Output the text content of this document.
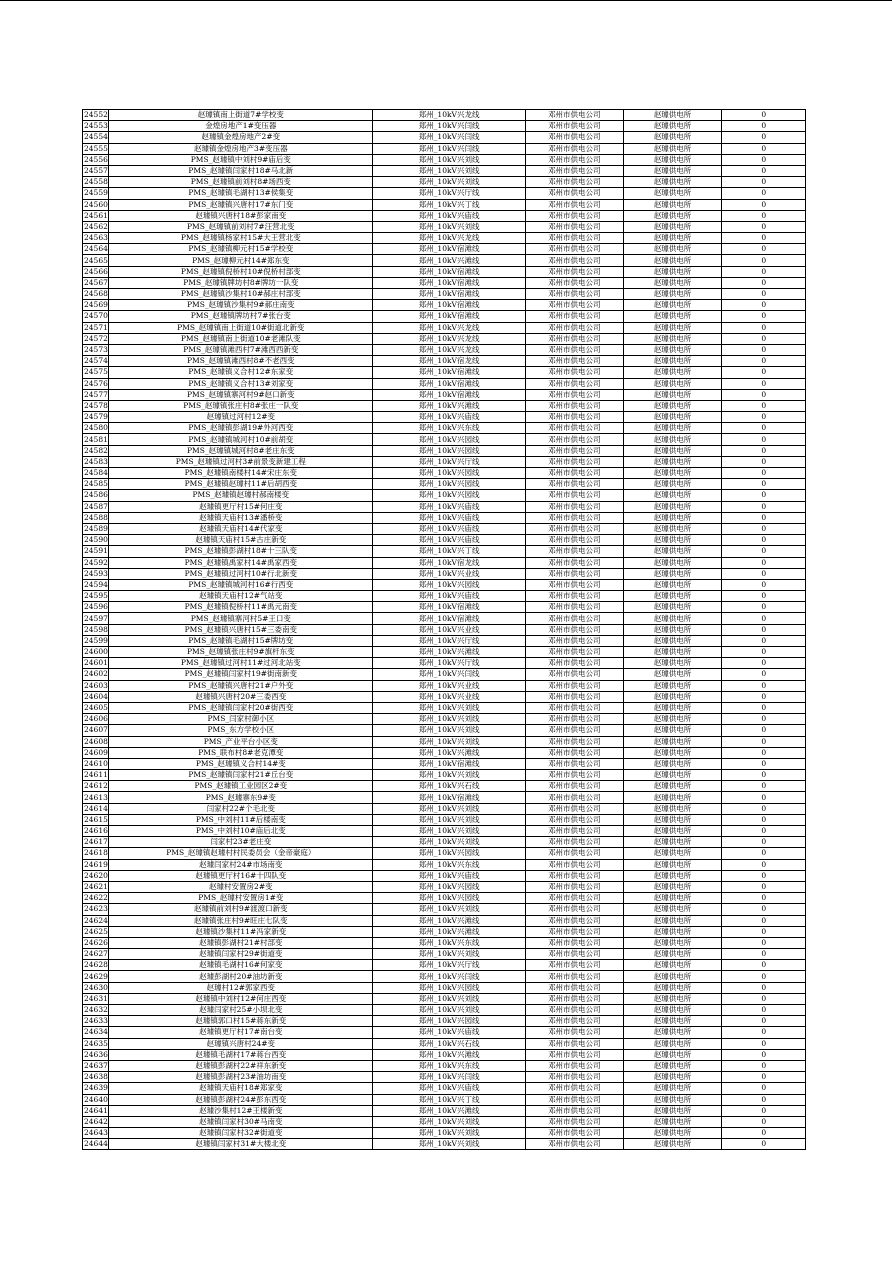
24552	赵璩镇南上街道7#学校变	郑州_10kV兴龙线	邓州市供电公司	赵璩供电所	0
24553	金煌房地产1#变压器	郑州_10kV兴闫线	邓州市供电公司	赵璩供电所	0
24554	赵璩镇金煌房地产2#变	郑州_10kV兴闫线	邓州市供电公司	赵璩供电所	0
24555	赵璩镇金煌房地产3#变压器	郑州_10kV兴闫线	邓州市供电公司	赵璩供电所	0
24556	PMS_赵璩镇中刘村9#庙后变	郑州_10kV兴刘线	邓州市供电公司	赵璩供电所	0
24557	PMS_赵璩镇闫家村18#马北新	郑州_10kV兴刘线	邓州市供电公司	赵璩供电所	0
24558	PMS_赵璩镇前刘村8#场西变	郑州_10kV兴刘线	邓州市供电公司	赵璩供电所	0
24559	PMS_赵璩镇毛湖村13#侯集变	郑州_10kV兴厅线	邓州市供电公司	赵璩供电所	0
24560	PMS_赵璩镇兴唐村17#东门变	郑州_10kV兴丁线	邓州市供电公司	赵璩供电所	0
24561	赵璩镇兴唐村18#彭家南变	郑州_10kV兴庙线	邓州市供电公司	赵璩供电所	0
24562	PMS_赵璩镇前刘村7#汪营北变	郑州_10kV兴刘线	邓州市供电公司	赵璩供电所	0
24563	PMS_赵璩镇杨家村15#大王营北变	郑州_10kV兴龙线	邓州市供电公司	赵璩供电所	0
24564	PMS_赵璩镇柳元村15#学校变	郑州_10kV宿滩线	邓州市供电公司	赵璩供电所	0
24565	PMS_赵璩柳元村14#郑东变	郑州_10kV兴滩线	邓州市供电公司	赵璩供电所	0
24566	PMS_赵璩镇倪桥村10#倪桥村部变	郑州_10kV宿滩线	邓州市供电公司	赵璩供电所	0
24567	PMS_赵璩镇牌坊村8#牌坊一队变	郑州_10kV宿滩线	邓州市供电公司	赵璩供电所	0
24568	PMS_赵璩镇沙集村10#郝庄村部变	郑州_10kV宿滩线	邓州市供电公司	赵璩供电所	0
24569	PMS_赵璩镇沙集村9#郝庄南变	郑州_10kV宿滩线	邓州市供电公司	赵璩供电所	0
24570	PMS_赵璩镇牌坊村7#张台变	郑州_10kV宿滩线	邓州市供电公司	赵璩供电所	0
24571	PMS_赵璩镇南上街道10#街道北新变	郑州_10kV兴龙线	邓州市供电公司	赵璩供电所	0
24572	PMS_赵璩镇南上街道10#老滩队变	郑州_10kV兴龙线	邓州市供电公司	赵璩供电所	0
24573	PMS_赵璩镇滩西村7#滩西西新变	郑州_10kV兴龙线	邓州市供电公司	赵璩供电所	0
24574	PMS_赵璩镇滩西村8#不老西变	郑州_10kV宿龙线	邓州市供电公司	赵璩供电所	0
24575	PMS_赵璩镇义合村12#东家变	郑州_10kV宿滩线	邓州市供电公司	赵璩供电所	0
24576	PMS_赵璩镇义合村13#刘家变	郑州_10kV宿滩线	邓州市供电公司	赵璩供电所	0
24577	PMS_赵璩镇寨河村9#赵口新变	郑州_10kV宿滩线	邓州市供电公司	赵璩供电所	0
24578	PMS_赵璩镇张庄村8#张庄一队变	郑州_10kV兴滩线	邓州市供电公司	赵璩供电所	0
24579	赵璩镇过河村12#变	郑州_10kV兴庙线	邓州市供电公司	赵璩供电所	0
24580	PMS_赵璩镇彭湖19#外河西变	郑州_10kV兴东线	邓州市供电公司	赵璩供电所	0
24581	PMS_赵璩镇城河村10#前胡变	郑州_10kV兴园线	邓州市供电公司	赵璩供电所	0
24582	PMS_赵璩镇城河村8#老庄东变	郑州_10kV兴园线	邓州市供电公司	赵璩供电所	0
24583	PMS_赵璩镇过河村3#前景变新建工程	郑州_10kV兴厅线	邓州市供电公司	赵璩供电所	0
24584	PMS_赵璩镇南楼村14#宋庄东变	郑州_10kV兴园线	邓州市供电公司	赵璩供电所	0
24585	PMS_赵璩镇赵璩村11#后胡西变	郑州_10kV兴园线	邓州市供电公司	赵璩供电所	0
24586	PMS_赵璩镇赵璩村郝南楼变	郑州_10kV兴园线	邓州市供电公司	赵璩供电所	0
24587	赵璩镇更厅村15#何庄变	郑州_10kV兴庙线	邓州市供电公司	赵璩供电所	0
24588	赵璩镇天庙村13#潘桥变	郑州_10kV兴庙线	邓州市供电公司	赵璩供电所	0
24589	赵璩镇天庙村14#代家变	郑州_10kV兴庙线	邓州市供电公司	赵璩供电所	0
24590	赵璩镇天庙村15#古庄新变	郑州_10kV兴庙线	邓州市供电公司	赵璩供电所	0
24591	PMS_赵璩镇彭湖村18#十三队变	郑州_10kV兴丁线	邓州市供电公司	赵璩供电所	0
24592	PMS_赵璩镇禹家村14#禹家西变	郑州_10kV宿龙线	邓州市供电公司	赵璩供电所	0
24593	PMS_赵璩镇过河村10#行北新变	郑州_10kV兴业线	邓州市供电公司	赵璩供电所	0
24594	PMS_赵璩镇城河村16#行西变	郑州_10kV兴园线	邓州市供电公司	赵璩供电所	0
24595	赵璩镇天庙村12#气站变	郑州_10kV兴庙线	邓州市供电公司	赵璩供电所	0
24596	PMS_赵璩镇倪桥村11#禹元南变	郑州_10kV宿滩线	邓州市供电公司	赵璩供电所	0
24597	PMS_赵璩镇寨河村5#王口变	郑州_10kV宿滩线	邓州市供电公司	赵璩供电所	0
24598	PMS_赵璩镇兴唐村15#三委南变	郑州_10kV兴业线	邓州市供电公司	赵璩供电所	0
24599	PMS_赵璩镇毛湖村15#牌坊变	郑州_10kV兴厅线	邓州市供电公司	赵璩供电所	0
24600	PMS_赵璩镇张庄村9#旗杆东变	郑州_10kV兴滩线	邓州市供电公司	赵璩供电所	0
24601	PMS_赵璩镇过河村11#过河北站变	郑州_10kV兴厅线	邓州市供电公司	赵璩供电所	0
24602	PMS_赵璩镇闫家村19#街南新变	郑州_10kV兴闫线	邓州市供电公司	赵璩供电所	0
24603	PMS_赵璩镇兴唐村21#户外变	郑州_10kV兴业线	邓州市供电公司	赵璩供电所	0
24604	赵璩镇兴唐村20#三委西变	郑州_10kV兴业线	邓州市供电公司	赵璩供电所	0
24605	PMS_赵璩镇闫家村20#街西变	郑州_10kV兴刘线	邓州市供电公司	赵璩供电所	0
24606	PMS_闫家村御小区	郑州_10kV兴刘线	邓州市供电公司	赵璩供电所	0
24607	PMS_东方学校小区	郑州_10kV兴刘线	邓州市供电公司	赵璩供电所	0
24608	PMS_产业平台小区变	郑州_10kV兴刘线	邓州市供电公司	赵璩供电所	0
24609	PMS_联布村8#老克潭变	郑州_10kV兴滩线	邓州市供电公司	赵璩供电所	0
24610	PMS_赵璩镇义合村14#变	郑州_10kV宿滩线	邓州市供电公司	赵璩供电所	0
24611	PMS_赵璩镇闫家村21#丘台变	郑州_10kV兴刘线	邓州市供电公司	赵璩供电所	0
24612	PMS_赵璩镇工业园区2#变	郑州_10kV兴石线	邓州市供电公司	赵璩供电所	0
24613	PMS_赵璩寨东9#变	郑州_10kV宿滩线	邓州市供电公司	赵璩供电所	0
24614	闫家村22#个毛北变	郑州_10kV兴刘线	邓州市供电公司	赵璩供电所	0
24615	PMS_中刘村11#后楼南变	郑州_10kV兴刘线	邓州市供电公司	赵璩供电所	0
24616	PMS_中刘村10#庙后北变	郑州_10kV兴刘线	邓州市供电公司	赵璩供电所	0
24617	闫家村23#老庄变	郑州_10kV兴刘线	邓州市供电公司	赵璩供电所	0
24618	PMS_赵璩镇赵璩村村民委员会（金帝豪庭）	郑州_10kV兴园线	邓州市供电公司	赵璩供电所	0
24619	赵璩闫家村24#市场南变	郑州_10kV兴东线	邓州市供电公司	赵璩供电所	0
24620	赵璩镇更厅村16#十四队变	郑州_10kV兴庙线	邓州市供电公司	赵璩供电所	0
24621	赵璩村安置房2#变	郑州_10kV兴园线	邓州市供电公司	赵璩供电所	0
24622	PMS_赵璩村安置房1#变	郑州_10kV兴园线	邓州市供电公司	赵璩供电所	0
24623	赵璩镇前刘村9#渡渡口新变	郑州_10kV兴刘线	邓州市供电公司	赵璩供电所	0
24624	赵璩镇张庄村9#旺庄七队变	郑州_10kV兴滩线	邓州市供电公司	赵璩供电所	0
24625	赵璩镇沙集村11#冯家新变	郑州_10kV兴滩线	邓州市供电公司	赵璩供电所	0
24626	赵璩镇彭湖村21#村部变	郑州_10kV兴东线	邓州市供电公司	赵璩供电所	0
24627	赵璩镇闫家村29#街道变	郑州_10kV兴刘线	邓州市供电公司	赵璩供电所	0
24628	赵璩镇毛湖村16#何家变	郑州_10kV兴厅线	邓州市供电公司	赵璩供电所	0
24629	赵璩彭湖村20#油坊新变	郑州_10kV兴闫线	邓州市供电公司	赵璩供电所	0
24630	赵璩村12#郭家西变	郑州_10kV兴园线	邓州市供电公司	赵璩供电所	0
24631	赵璩镇中刘村12#何庄西变	郑州_10kV兴刘线	邓州市供电公司	赵璩供电所	0
24632	赵璩闫家村25#小坝北变	郑州_10kV兴刘线	邓州市供电公司	赵璩供电所	0
24633	赵璩镇郭口村15#蒋东新变	郑州_10kV兴园线	邓州市供电公司	赵璩供电所	0
24634	赵璩镇更厅村17#南台变	郑州_10kV兴庙线	邓州市供电公司	赵璩供电所	0
24635	赵璩镇兴唐村24#变	郑州_10kV兴石线	邓州市供电公司	赵璩供电所	0
24636	赵璩镇毛湖村17#蒋台西变	郑州_10kV兴滩线	邓州市供电公司	赵璩供电所	0
24637	赵璩镇彭湖村22#祥东新变	郑州_10kV兴东线	邓州市供电公司	赵璩供电所	0
24638	赵璩镇彭湖村23#油坊南变	郑州_10kV兴闫线	邓州市供电公司	赵璩供电所	0
24639	赵璩镇天庙村18#郑家变	郑州_10kV兴庙线	邓州市供电公司	赵璩供电所	0
24640	赵璩镇彭湖村24#彭东西变	郑州_10kV兴丁线	邓州市供电公司	赵璩供电所	0
24641	赵璩沙集村12#王楼新变	郑州_10kV兴滩线	邓州市供电公司	赵璩供电所	0
24642	赵璩镇闫家村30#马南变	郑州_10kV兴刘线	邓州市供电公司	赵璩供电所	0
24643	赵璩镇闫家村32#街道变	郑州_10kV兴刘线	邓州市供电公司	赵璩供电所	0
24644	赵璩镇闫家村31#大楼北变	郑州_10kV兴刘线	邓州市供电公司	赵璩供电所	0
